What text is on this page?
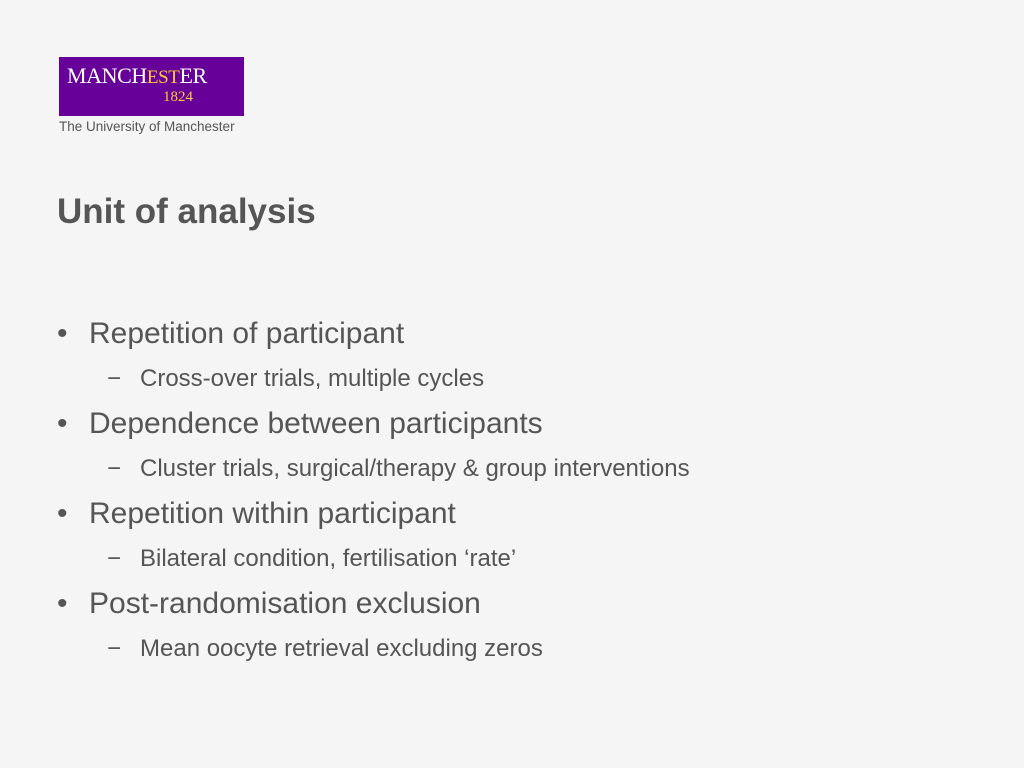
MANCHESTER
1824
The University of Manchester
Unit of analysis
• Repetition of participant
− Cross-over trials, multiple cycles
• Dependence between participants
− Cluster trials, surgical/therapy & group interventions
• Repetition within participant
− Bilateral condition, fertilisation ‘rate’
• Post-randomisation exclusion
− Mean oocyte retrieval excluding zeros
